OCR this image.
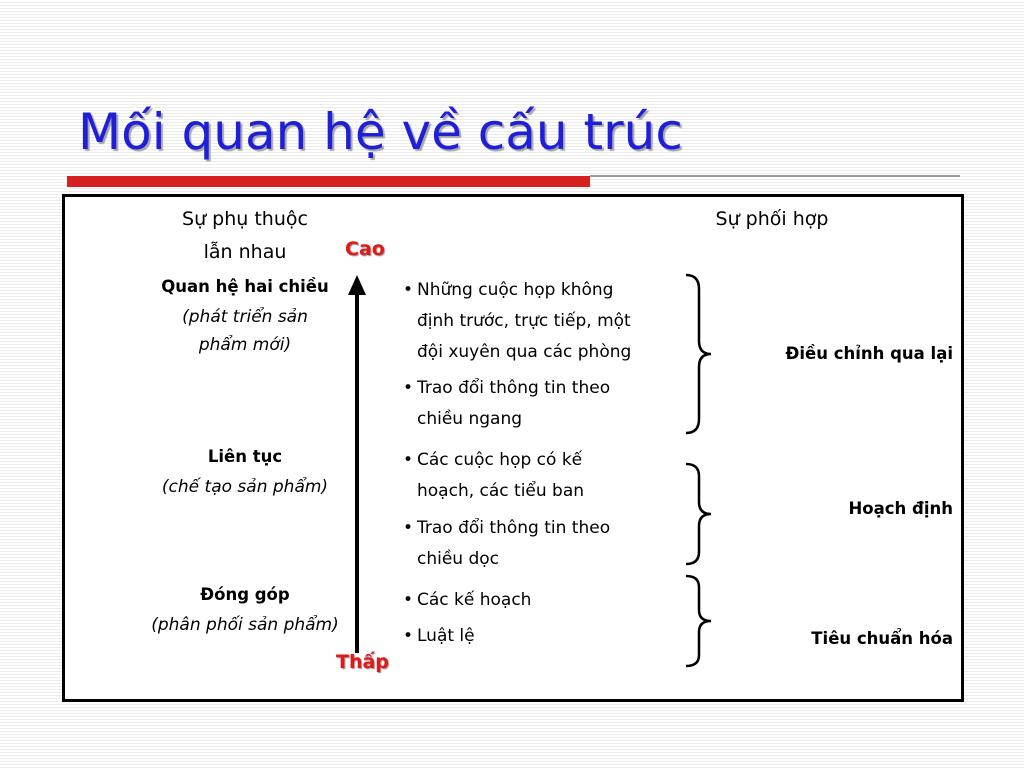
Mối quan hệ về cấu trúc
Sự phụ thuộc
lẫn nhau
Sự phối hợp
Cao
Thấp
Quan hệ hai chiều
(phát triển sản
phẩm mới)
• Những cuộc họp không
định trước, trực tiếp, một
đội xuyên qua các phòng
• Trao đổi thông tin theo
chiều ngang
Điều chỉnh qua lại
Liên tục
(chế tạo sản phẩm)
• Các cuộc họp có kế
hoạch, các tiểu ban
• Trao đổi thông tin theo
chiều dọc
Hoạch định
Đóng góp
(phân phối sản phẩm)
• Các kế hoạch
• Luật lệ	Tiêu chuẩn hóa
